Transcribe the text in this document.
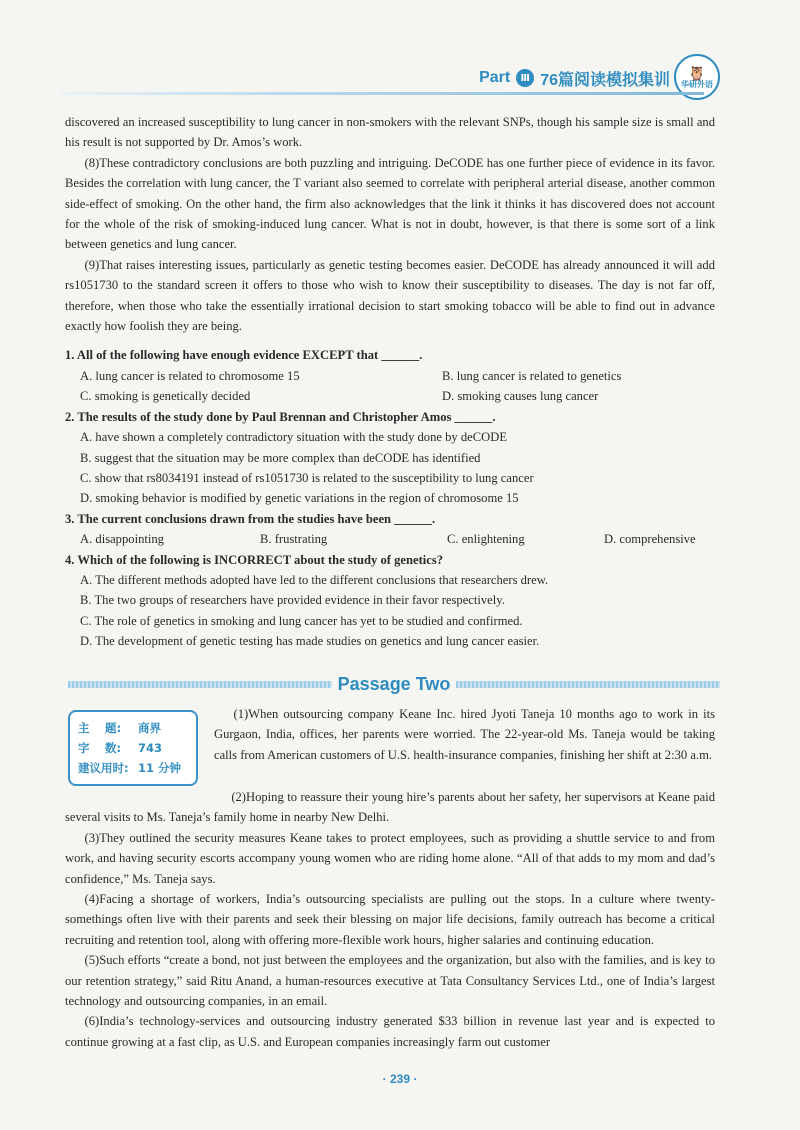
Part	Ⅲ 76篇阅读模拟集训 🦉
华研外语

discovered an increased susceptibility to lung cancer in non-smokers with the relevant SNPs, though his sample size is small and his result is not supported by Dr. Amos’s work.

(8)These contradictory conclusions are both puzzling and intriguing. DeCODE has one further piece of evidence in its favor. Besides the correlation with lung cancer, the T variant also seemed to correlate with peripheral arterial disease, another common side-effect of smoking. On the other hand, the firm also acknowledges that the link it thinks it has discovered does not account for the whole of the risk of smoking-induced lung cancer. What is not in doubt, however, is that there is some sort of a link between genetics and lung cancer.

(9)That raises interesting issues, particularly as genetic testing becomes easier. DeCODE has already announced it will add rs1051730 to the standard screen it offers to those who wish to know their susceptibility to diseases. The day is not far off, therefore, when those who take the essentially irrational decision to start smoking tobacco will be able to find out in advance exactly how foolish they are being.

1. All of the following have enough evidence EXCEPT that ______.

A. lung cancer is related to chromosome 15	B. lung cancer is related to genetics
C. smoking is genetically decided	D. smoking causes lung cancer

2. The results of the study done by Paul Brennan and Christopher Amos ______.

A. have shown a completely contradictory situation with the study done by deCODE

B. suggest that the situation may be more complex than deCODE has identified

C. show that rs8034191 instead of rs1051730 is related to the susceptibility to lung cancer

D. smoking behavior is modified by genetic variations in the region of chromosome 15

3. The current conclusions drawn from the studies have been ______.

A. disappointing	B. frustrating	C. enlightening	D. comprehensive

4. Which of the following is INCORRECT about the study of genetics?

A. The different methods adopted have led to the different conclusions that researchers drew.

B. The two groups of researchers have provided evidence in their favor respectively.

C. The role of genetics in smoking and lung cancer has yet to be studied and confirmed.

D. The development of genetic testing has made studies on genetics and lung cancer easier.

Passage Two
主　 题:	商界
字　 数:	743
建议用时: 11 分钟

(1)When outsourcing company Keane Inc. hired Jyoti Taneja 10 months ago to work in its Gurgaon, India, offices, her parents were worried. The 22-year-old Ms. Taneja would be taking calls from American customers of U.S. health-insurance companies, finishing her shift at 2:30 a.m.

(2)Hoping to reassure their young hire’s parents about her safety, her supervisors at Keane paid several visits to Ms. Taneja’s family home in nearby New Delhi.

(3)They outlined the security measures Keane takes to protect employees, such as providing a shuttle service to and from work, and having security escorts accompany young women who are riding home alone. “All of that adds to my mom and dad’s confidence,” Ms. Taneja says.

(4)Facing a shortage of workers, India’s outsourcing specialists are pulling out the stops. In a culture where twenty-somethings often live with their parents and seek their blessing on major life decisions, family outreach has become a critical recruiting and retention tool, along with offering more-flexible work hours, higher salaries and continuing education.

(5)Such efforts “create a bond, not just between the employees and the organization, but also with the families, and is key to our retention strategy,” said Ritu Anand, a human-resources executive at Tata Consultancy Services Ltd., one of India’s largest technology and outsourcing companies, in an email.

(6)India’s technology-services and outsourcing industry generated $33 billion in revenue last year and is expected to continue growing at a fast clip, as U.S. and European companies increasingly farm out customer

· 239 ·
